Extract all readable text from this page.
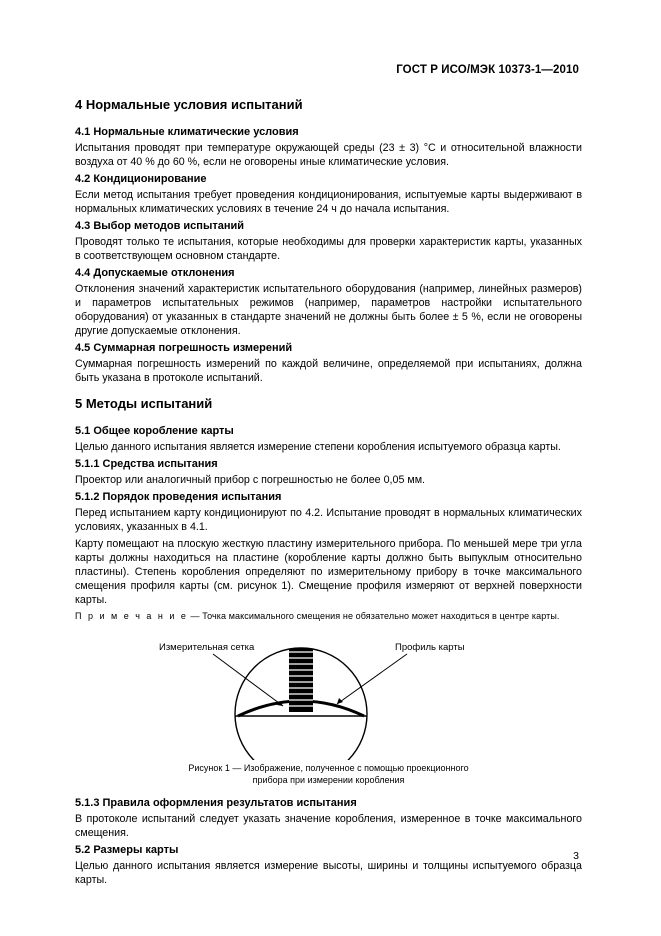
ГОСТ Р ИСО/МЭК 10373-1—2010
4 Нормальные условия испытаний
4.1 Нормальные климатические условия
Испытания проводят при температуре окружающей среды (23 ± 3) °C и относительной влажности воздуха от 40 % до 60 %, если не оговорены иные климатические условия.
4.2 Кондиционирование
Если метод испытания требует проведения кондиционирования, испытуемые карты выдерживают в нормальных климатических условиях в течение 24 ч до начала испытания.
4.3 Выбор методов испытаний
Проводят только те испытания, которые необходимы для проверки характеристик карты, указанных в соответствующем основном стандарте.
4.4 Допускаемые отклонения
Отклонения значений характеристик испытательного оборудования (например, линейных размеров) и параметров испытательных режимов (например, параметров настройки испытательного оборудования) от указанных в стандарте значений не должны быть более ± 5 %, если не оговорены другие допускаемые отклонения.
4.5 Суммарная погрешность измерений
Суммарная погрешность измерений по каждой величине, определяемой при испытаниях, должна быть указана в протоколе испытаний.
5 Методы испытаний
5.1 Общее коробление карты
Целью данного испытания является измерение степени коробления испытуемого образца карты.
5.1.1 Средства испытания
Проектор или аналогичный прибор с погрешностью не более 0,05 мм.
5.1.2 Порядок проведения испытания
Перед испытанием карту кондиционируют по 4.2. Испытание проводят в нормальных климатических условиях, указанных в 4.1.
Карту помещают на плоскую жесткую пластину измерительного прибора. По меньшей мере три угла карты должны находиться на пластине (коробление карты должно быть выпуклым относительно пластины). Степень коробления определяют по измерительному прибору в точке максимального смещения профиля карты (см. рисунок 1). Смещение профиля измеряют от верхней поверхности карты.
П р и м е ч а н и е — Точка максимального смещения не обязательно может находиться в центре карты.
Измерительная сетка	Профиль карты
Рисунок 1 — Изображение, полученное с помощью проекционного
прибора при измерении коробления
5.1.3 Правила оформления результатов испытания
В протоколе испытаний следует указать значение коробления, измеренное в точке максимального смещения.
5.2 Размеры карты
Целью данного испытания является измерение высоты, ширины и толщины испытуемого образца карты.
3
